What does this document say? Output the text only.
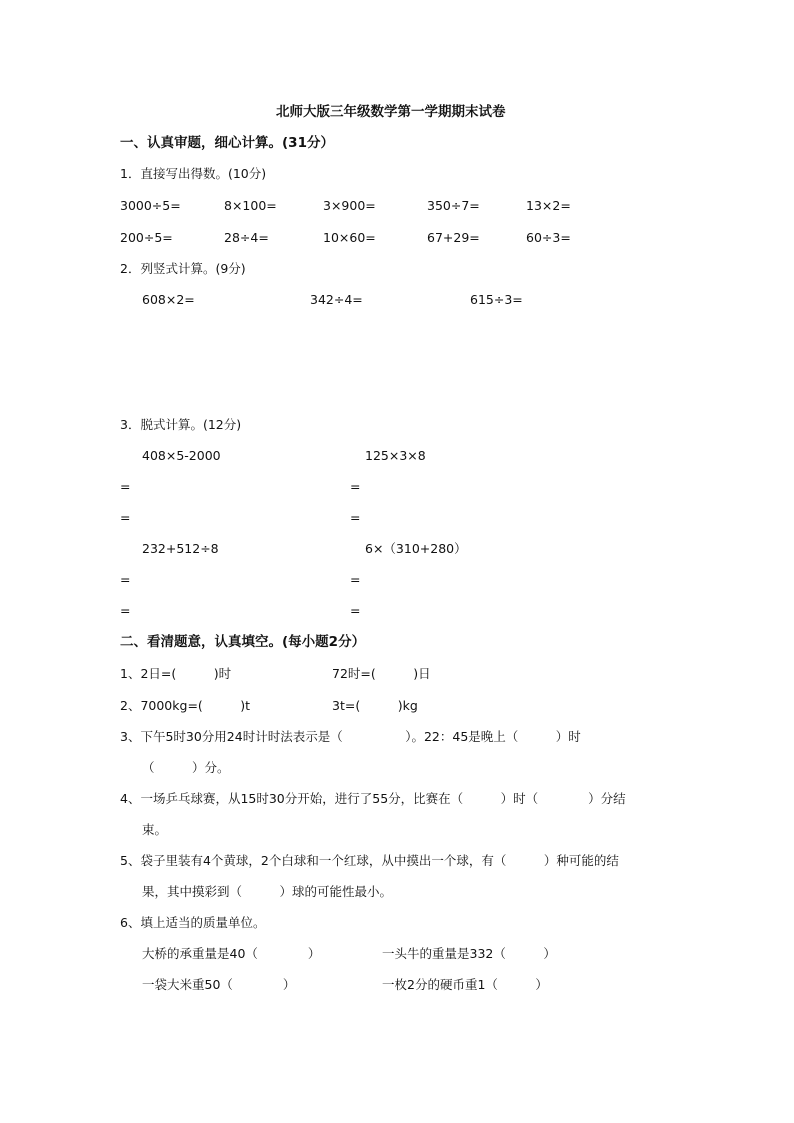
北师大版三年级数学第一学期期末试卷
一、认真审题，细心计算。(31分）
1．直接写出得数。(10分)
3000÷5=	8×100=	3×900=	350÷7=	13×2=
200÷5=	28÷4=	10×60=	67+29=	60÷3=
2．列竖式计算。(9分)
608×2=	342÷4=	615÷3=
3．脱式计算。(12分)
408×5-2000	125×3×8
=	=
=	=
232+512÷8	6×（310+280）
=	=
=	=
二、看清题意，认真填空。(每小题2分）
1、2日=(　　　)时	72时=(　　　)日
2、7000kg=(　　　)t	3t=(　　　)kg
3、下午5时30分用24时计时法表示是（　　　　　）。22：45是晚上（　　　）时
（　　　）分。
4、一场乒乓球赛，从15时30分开始，进行了55分，比赛在（　　　）时（　　　　）分结
束。
5、袋子里装有4个黄球，2个白球和一个红球，从中摸出一个球，有（　　　）种可能的结
果，其中摸彩到（　　　）球的可能性最小。
6、填上适当的质量单位。
大桥的承重量是40（　　　　）	一头牛的重量是332（　　　）
一袋大米重50（　　　　）	一枚2分的硬币重1（　　　）
